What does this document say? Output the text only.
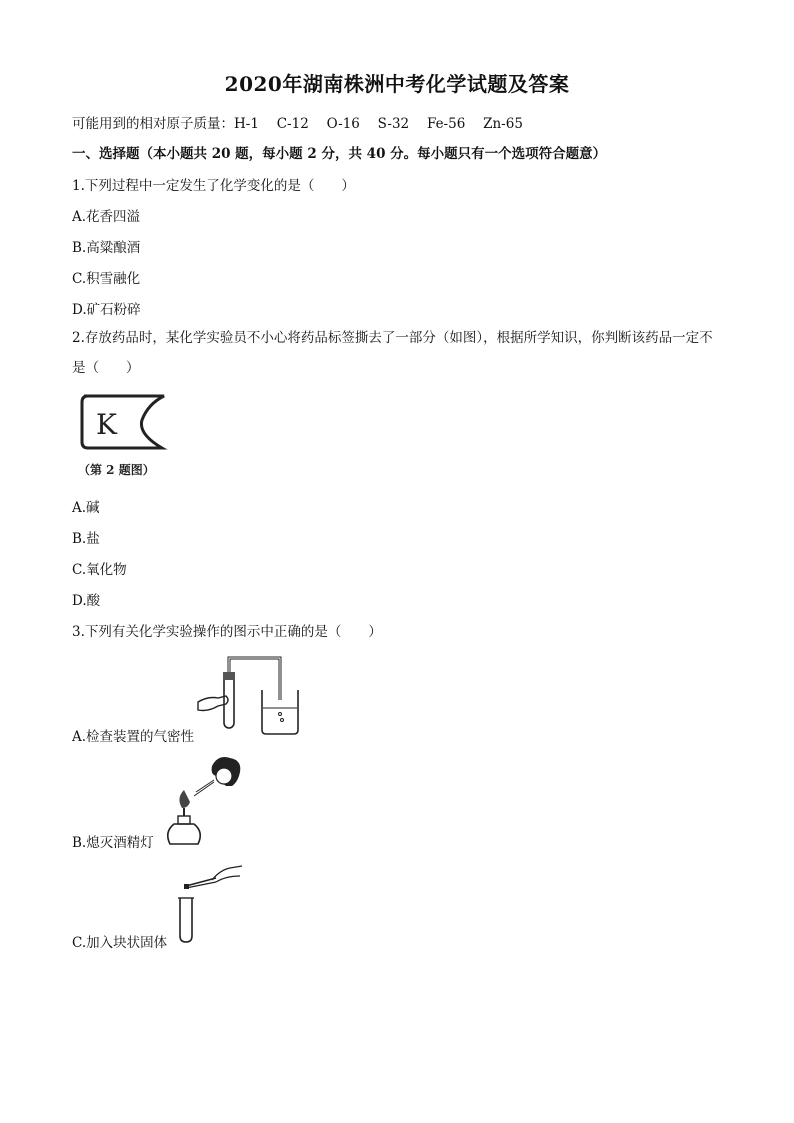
2020年湖南株洲中考化学试题及答案
可能用到的相对原子质量：H-1　 C-12　 O-16　 S-32　 Fe-56　 Zn-65
一、选择题（本小题共 20 题，每小题 2 分，共 40 分。每小题只有一个选项符合题意）
1.下列过程中一定发生了化学变化的是（　　）
A.花香四溢
B.高粱酿酒
C.积雪融化
D.矿石粉碎
2.存放药品时，某化学实验员不小心将药品标签撕去了一部分（如图），根据所学知识，你判断该药品一定不是（　　）
K
（第 2 题图）
A.碱
B.盐
C.氧化物
D.酸
3.下列有关化学实验操作的图示中正确的是（　　）
A.检查装置的气密性
B.熄灭酒精灯
C.加入块状固体
